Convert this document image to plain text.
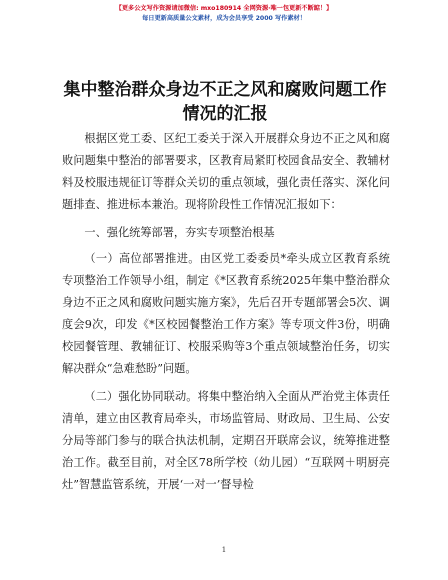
【更多公文写作资源请加微信: mxo180914 全网资源·唯一包更新不断踮！】
每日更新高质量公文素材，成为会员享受 2000 写作素材！
集中整治群众身边不正之风和腐败问题工作情况的汇报

根据区党工委、区纪工委关于深入开展群众身边不正之风和腐败问题集中整治的部署要求，区教育局紧盯校园食品安全、教辅材料及校服违规征订等群众关切的重点领域，强化责任落实、深化问题排查、推进标本兼治。现将阶段性工作情况汇报如下：

一、强化统筹部署，夯实专项整治根基

（一）高位部署推进。由区党工委委员*牵头成立区教育系统专项整治工作领导小组，制定《*区教育系统2025年集中整治群众身边不正之风和腐败问题实施方案》，先后召开专题部署会5次、调度会9次，印发《*区校园餐整治工作方案》等专项文件3份，明确校园餐管理、教辅征订、校服采购等3个重点领域整治任务，切实解决群众“急难愁盼”问题。

（二）强化协同联动。将集中整治纳入全面从严治党主体责任清单，建立由区教育局牵头，市场监管局、财政局、卫生局、公安分局等部门参与的联合执法机制，定期召开联席会议，统筹推进整治工作。截至目前，对全区78所学校（幼儿园）“互联网＋明厨亮灶”智慧监管系统，开展‘一对一’督导检

1
